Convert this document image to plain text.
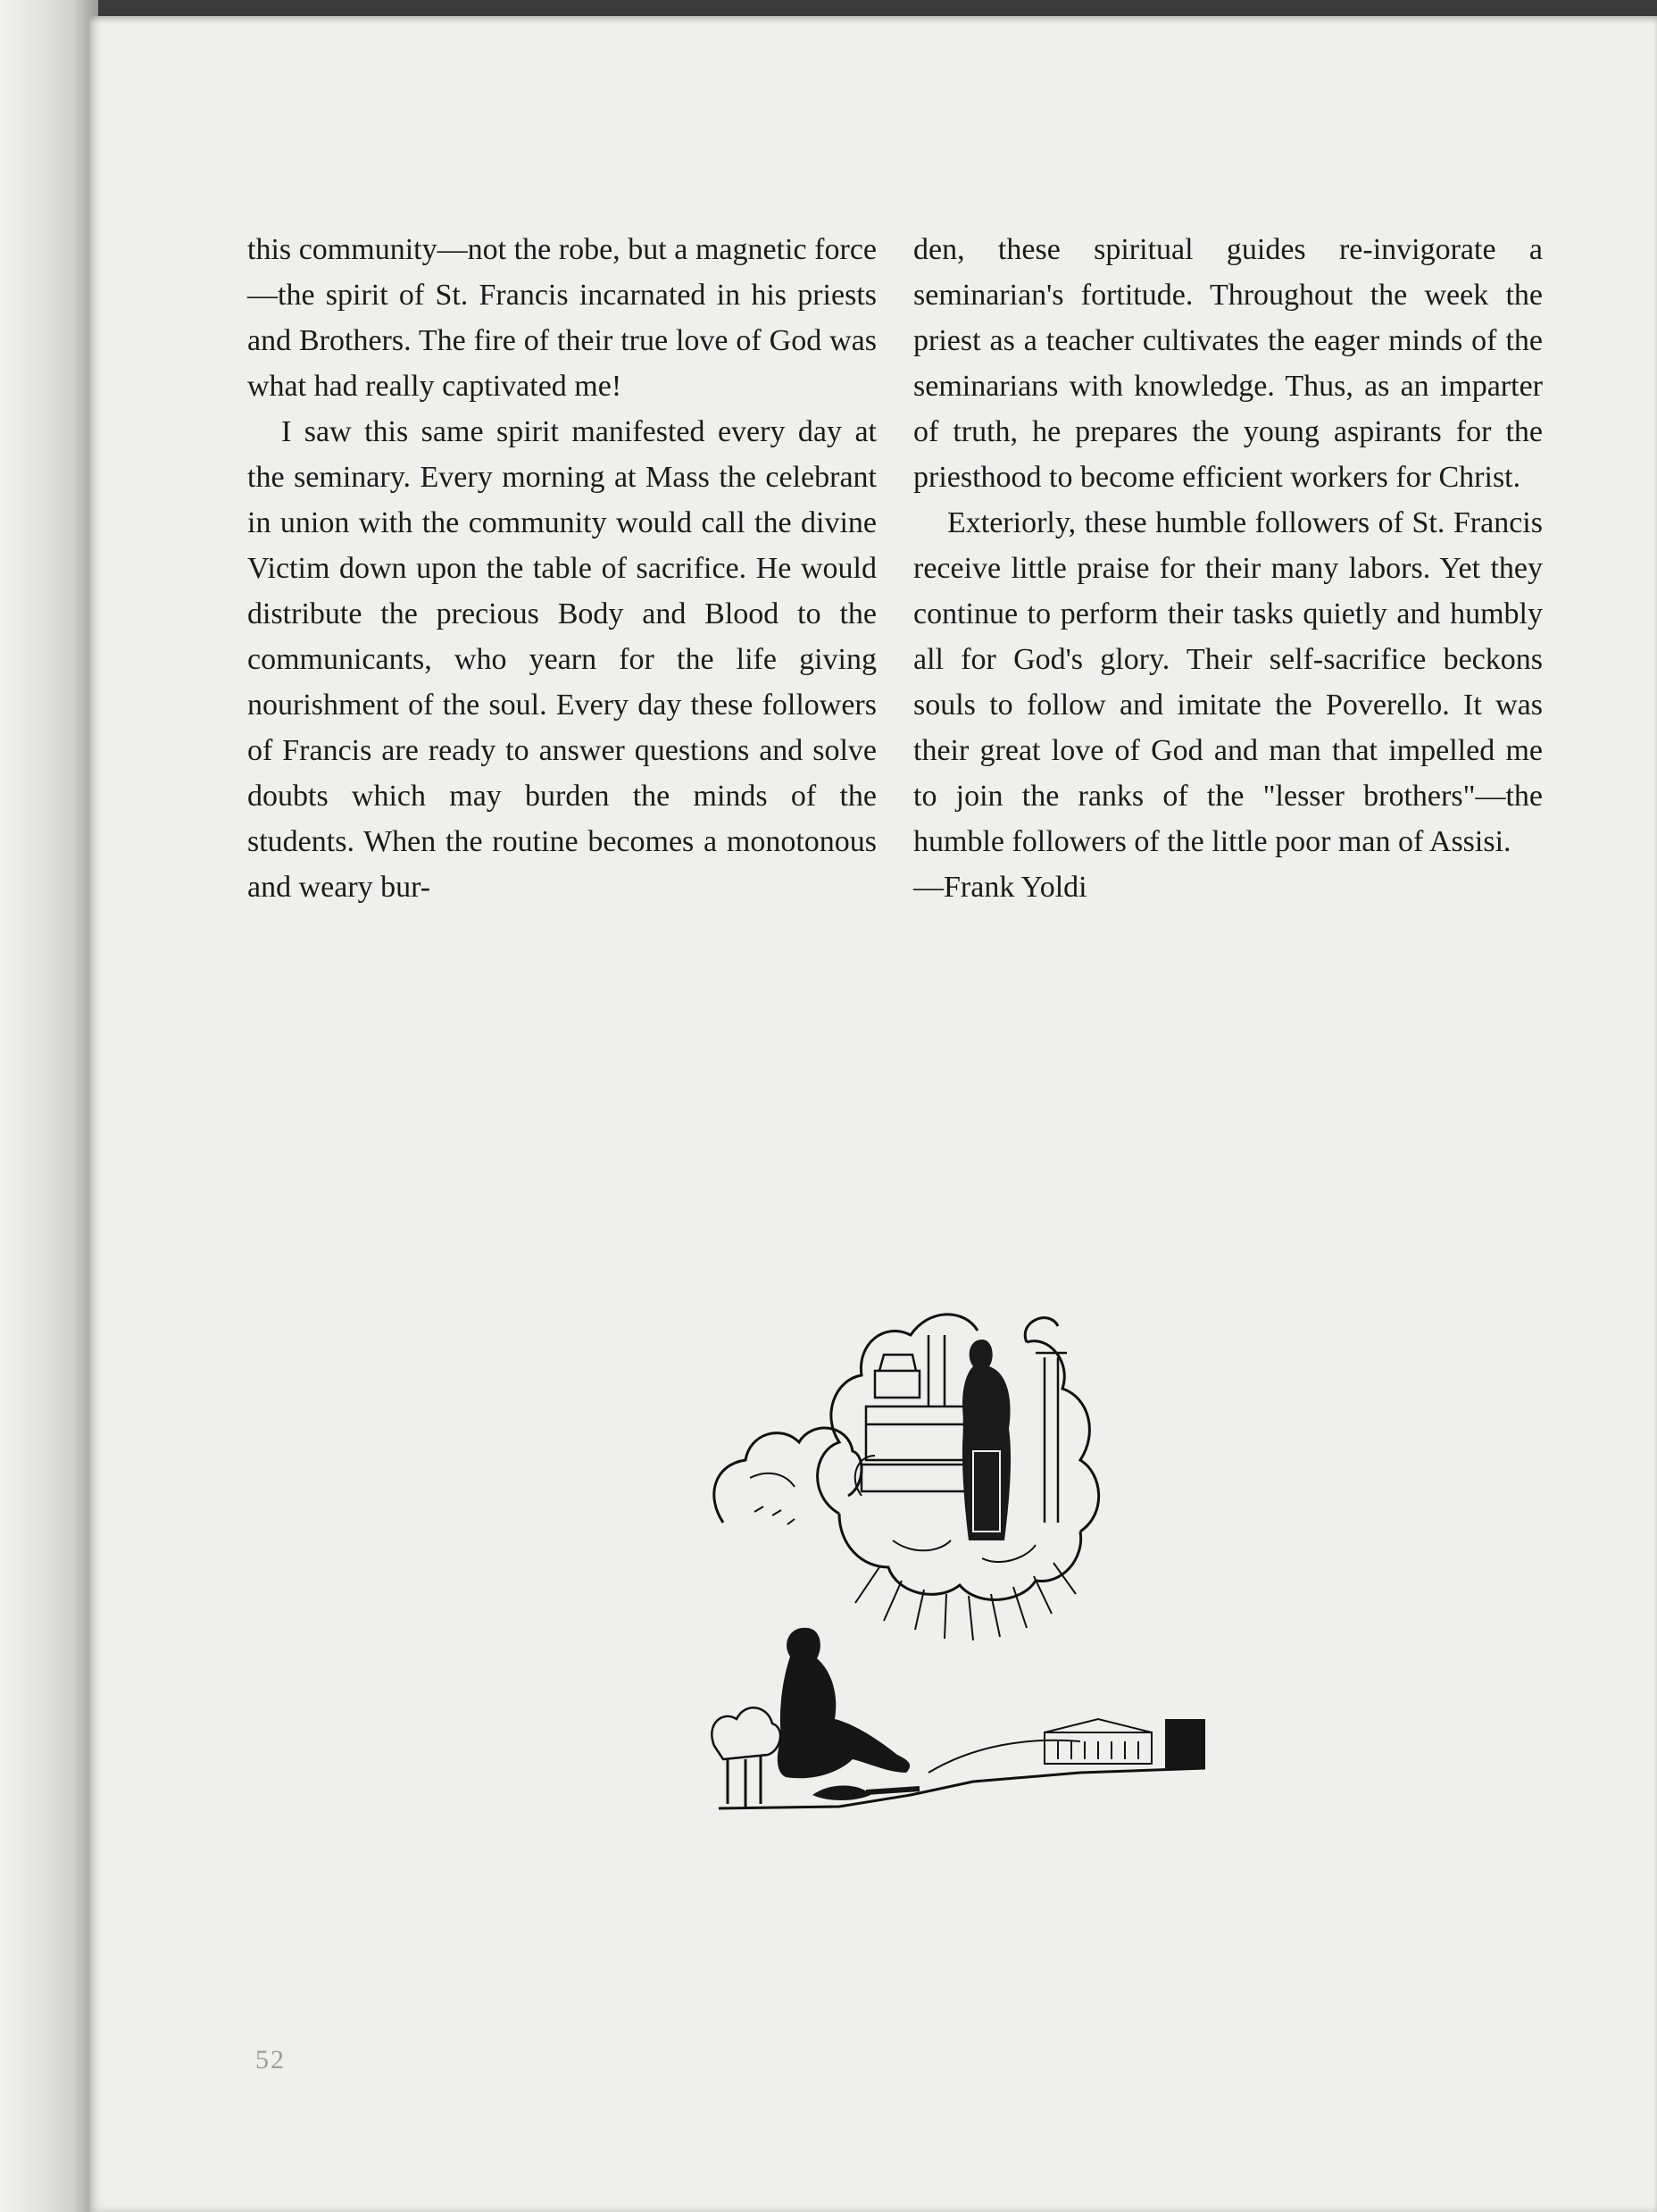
this community—not the robe, but a magnetic force—the spirit of St. Francis incarnated in his priests and Brothers. The fire of their true love of God was what had really captivated me!

I saw this same spirit manifested every day at the seminary. Every morning at Mass the celebrant in union with the community would call the divine Victim down upon the table of sacrifice. He would distribute the precious Body and Blood to the communicants, who yearn for the life giving nourishment of the soul. Every day these followers of Francis are ready to answer questions and solve doubts which may burden the minds of the students. When the routine becomes a monotonous and weary bur-

den, these spiritual guides re-invigorate a seminarian's fortitude. Throughout the week the priest as a teacher cultivates the eager minds of the seminarians with knowledge. Thus, as an imparter of truth, he prepares the young aspirants for the priesthood to become efficient workers for Christ.

Exteriorly, these humble followers of St. Francis receive little praise for their many labors. Yet they continue to perform their tasks quietly and humbly all for God's glory. Their self-sacrifice beckons souls to follow and imitate the Poverello. It was their great love of God and man that impelled me to join the ranks of the "lesser brothers"—the humble followers of the little poor man of Assisi.

—Frank Yoldi

52
